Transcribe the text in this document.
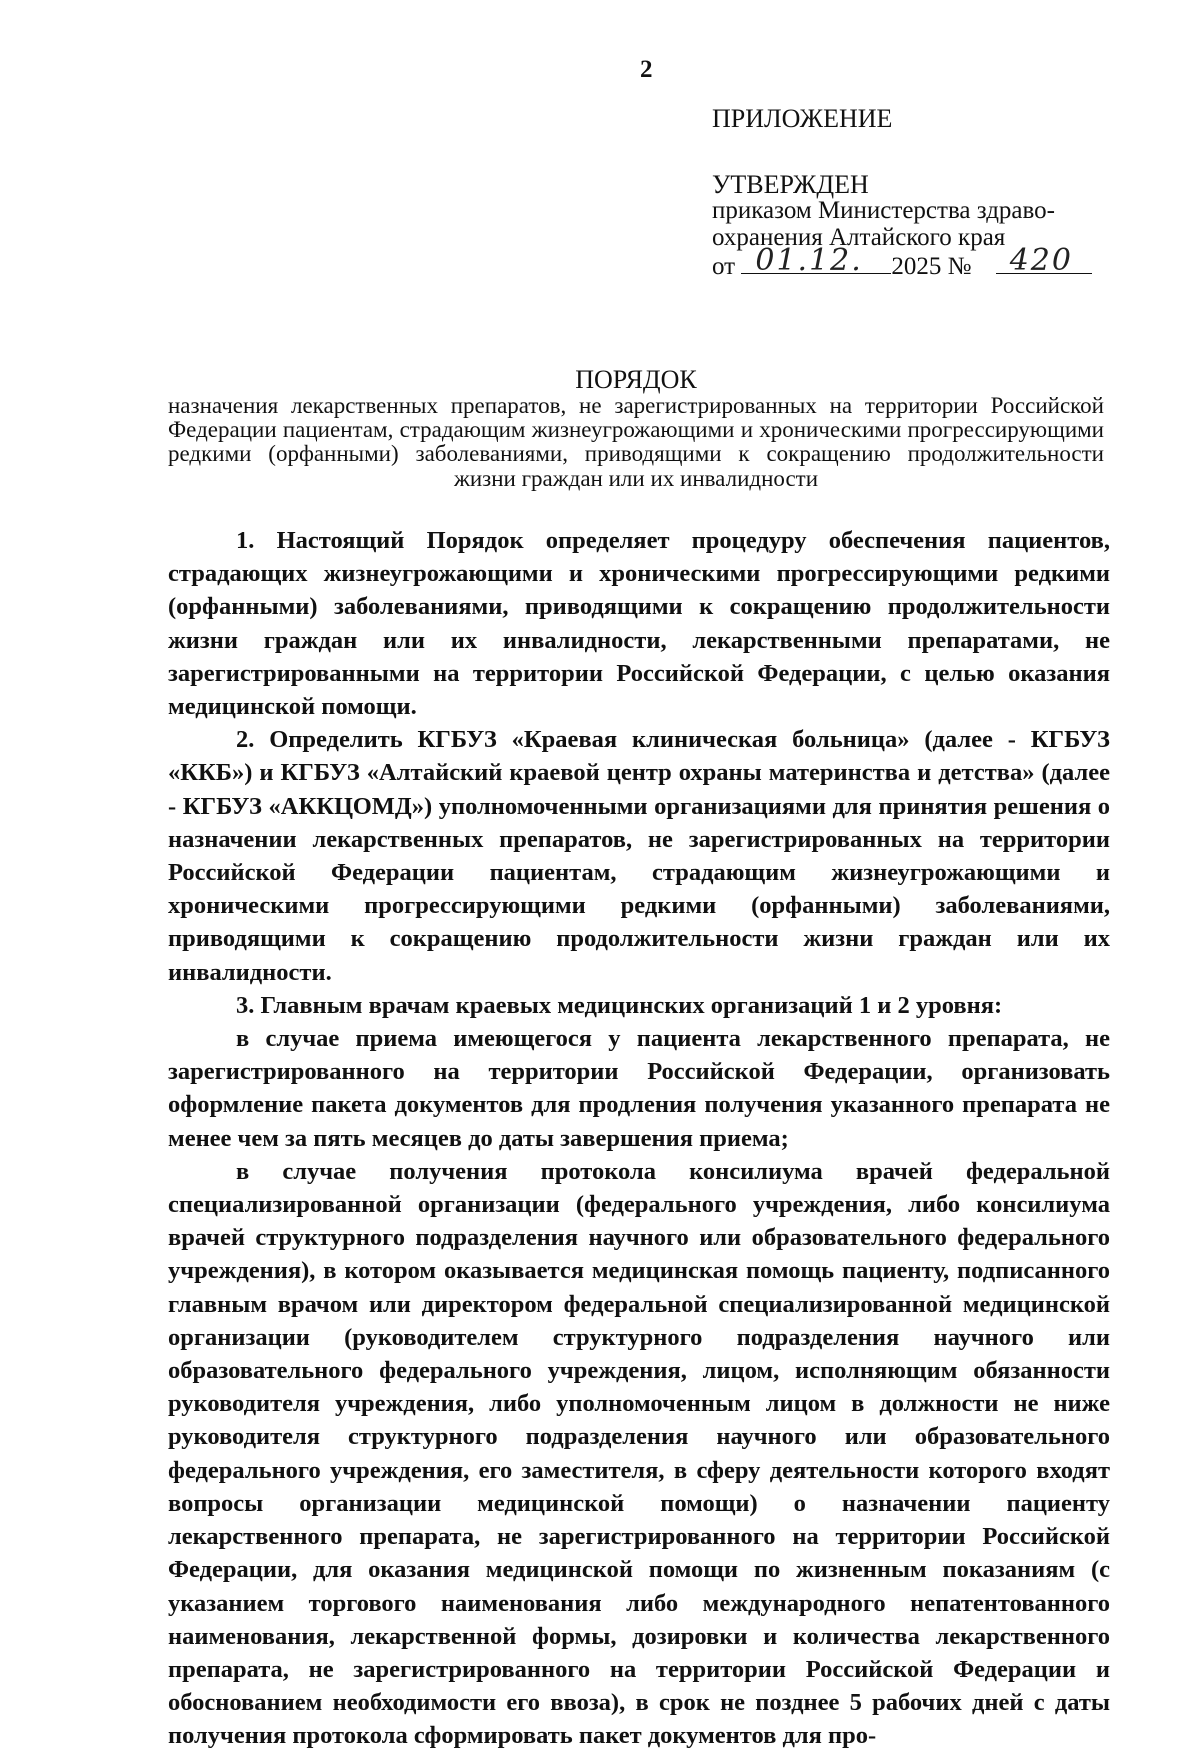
2
ПРИЛОЖЕНИЕ
УТВЕРЖДЕН
приказом Министерства здраво-
охранения Алтайского края
от 01.12. 2025 № 420
ПОРЯДОК
назначения лекарственных препаратов, не зарегистрированных на территории Российской Федерации пациентам, страдающим жизнеугрожающими и хроническими прогрессирующими редкими (орфанными) заболеваниями, приводящими к сокращению продолжительности жизни граждан или их инвалидности

1. Настоящий Порядок определяет процедуру обеспечения пациентов, страдающих жизнеугрожающими и хроническими прогрессирующими редкими (орфанными) заболеваниями, приводящими к сокращению продолжительности жизни граждан или их инвалидности, лекарственными препаратами, не зарегистрированными на территории Российской Федерации, с целью оказания медицинской помощи.

2. Определить КГБУЗ «Краевая клиническая больница» (далее - КГБУЗ «ККБ») и КГБУЗ «Алтайский краевой центр охраны материнства и детства» (далее - КГБУЗ «АККЦОМД») уполномоченными организациями для принятия решения о назначении лекарственных препаратов, не зарегистрированных на территории Российской Федерации пациентам, страдающим жизнеугрожающими и хроническими прогрессирующими редкими (орфанными) заболеваниями, приводящими к сокращению продолжительности жизни граждан или их инвалидности.

3. Главным врачам краевых медицинских организаций 1 и 2 уровня:

в случае приема имеющегося у пациента лекарственного препарата, не зарегистрированного на территории Российской Федерации, организовать оформление пакета документов для продления получения указанного препарата не менее чем за пять месяцев до даты завершения приема;

в случае получения протокола консилиума врачей федеральной специализированной организации (федерального учреждения, либо консилиума врачей структурного подразделения научного или образовательного федерального учреждения), в котором оказывается медицинская помощь пациенту, подписанного главным врачом или директором федеральной специализированной медицинской организации (руководителем структурного подразделения научного или образовательного федерального учреждения, лицом, исполняющим обязанности руководителя учреждения, либо уполномоченным лицом в должности не ниже руководителя структурного подразделения научного или образовательного федерального учреждения, его заместителя, в сферу деятельности которого входят вопросы организации медицинской помощи) о назначении пациенту лекарственного препарата, не зарегистрированного на территории Российской Федерации, для оказания медицинской помощи по жизненным показаниям (с указанием торгового наименования либо международного непатентованного наименования, лекарственной формы, дозировки и количества лекарственного препарата, не зарегистрированного на территории Российской Федерации и обоснованием необходимости его ввоза), в срок не позднее 5 рабочих дней с даты получения протокола сформировать пакет документов для про-
